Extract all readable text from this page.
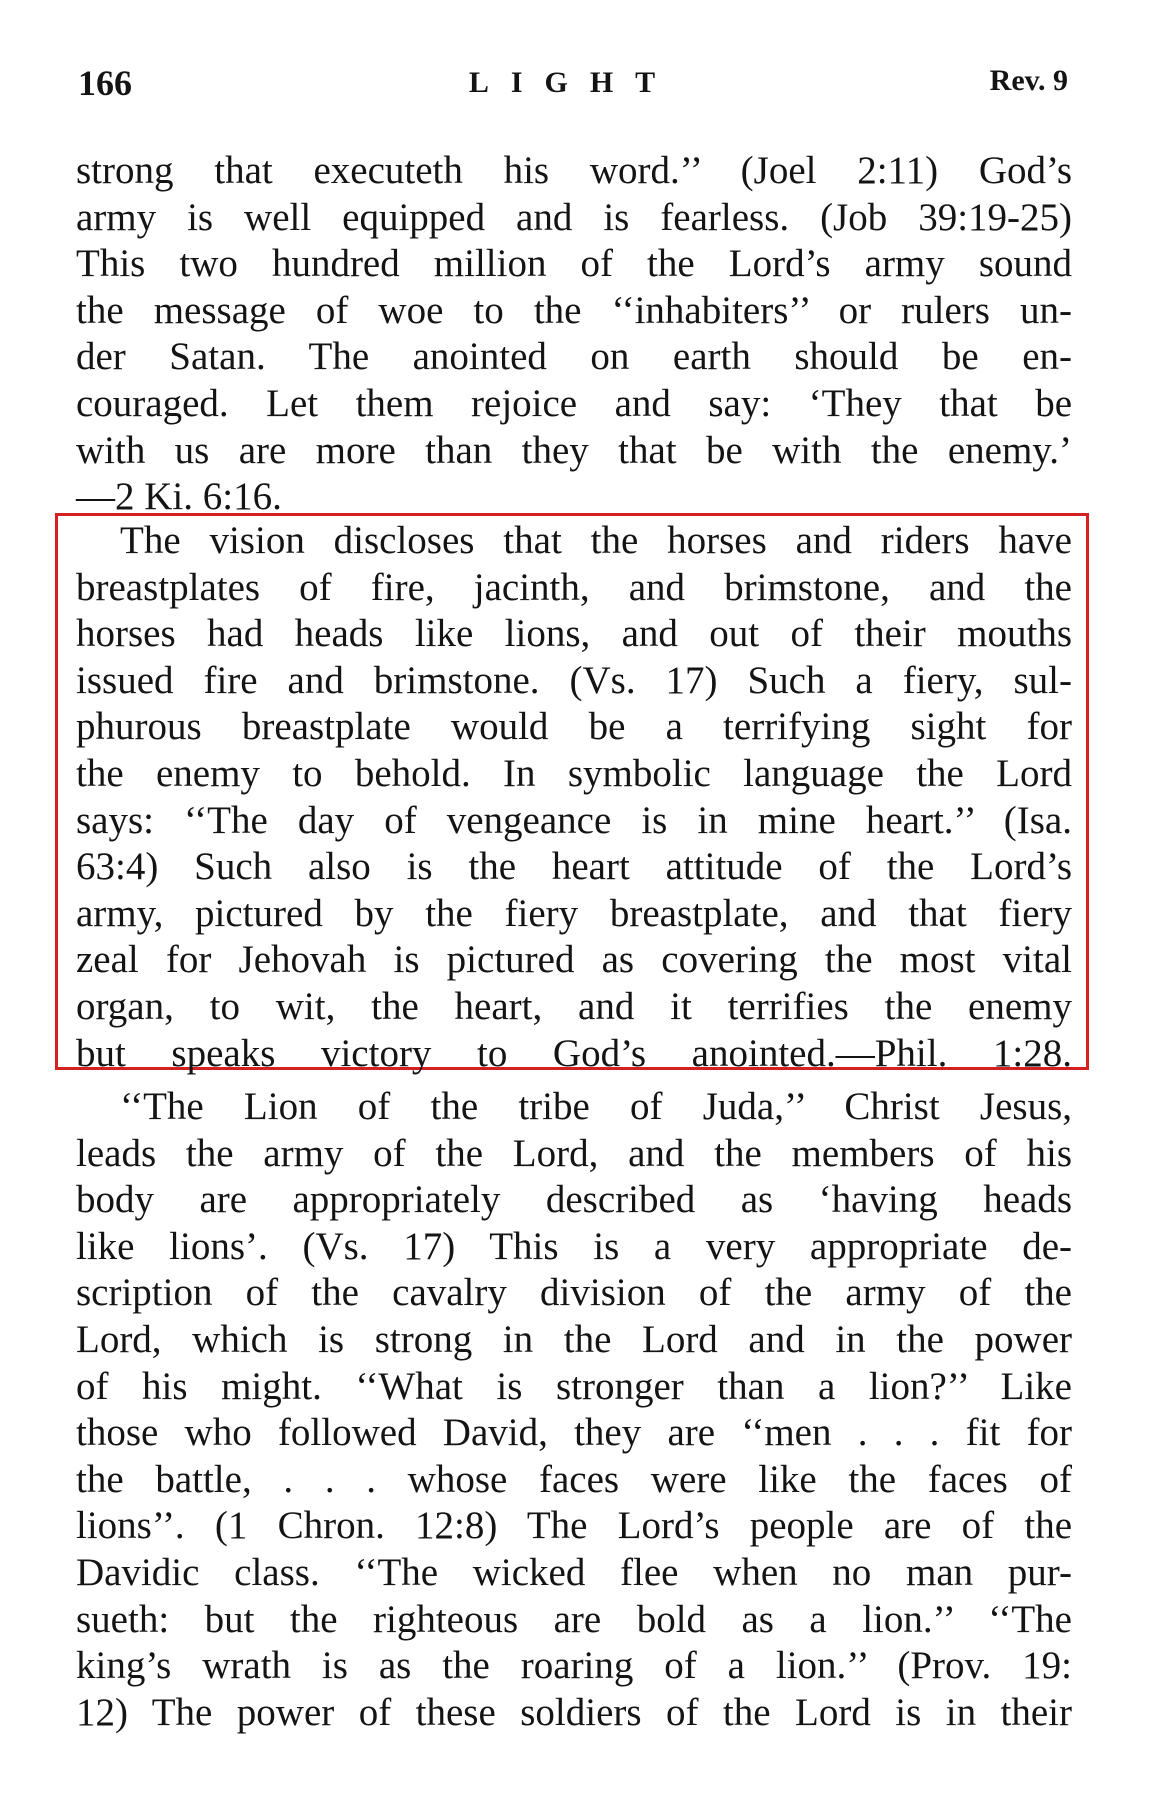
166	LIGHT	Rev. 9
strong that executeth his word.’’ (Joel 2:11) God’s
army is well equipped and is fearless. (Job 39:19-25)
This two hundred million of the Lord’s army sound
the message of woe to the ‘‘inhabiters’’ or rulers un-
der Satan. The anointed on earth should be en-
couraged. Let them rejoice and say: ‘They that be
with us are more than they that be with the enemy.’
—2 Ki. 6:16.
The vision discloses that the horses and riders have
breastplates of fire, jacinth, and brimstone, and the
horses had heads like lions, and out of their mouths
issued fire and brimstone. (Vs. 17) Such a fiery, sul-
phurous breastplate would be a terrifying sight for
the enemy to behold. In symbolic language the Lord
says: ‘‘The day of vengeance is in mine heart.’’ (Isa.
63:4) Such also is the heart attitude of the Lord’s
army, pictured by the fiery breastplate, and that fiery
zeal for Jehovah is pictured as covering the most vital
organ, to wit, the heart, and it terrifies the enemy
but speaks victory to God’s anointed.—Phil. 1:28.
‘‘The Lion of the tribe of Juda,’’ Christ Jesus,
leads the army of the Lord, and the members of his
body are appropriately described as ‘having heads
like lions’. (Vs. 17) This is a very appropriate de-
scription of the cavalry division of the army of the
Lord, which is strong in the Lord and in the power
of his might. ‘‘What is stronger than a lion?’’ Like
those who followed David, they are ‘‘men . . . fit for
the battle, . . . whose faces were like the faces of
lions’’. (1 Chron. 12:8) The Lord’s people are of the
Davidic class. ‘‘The wicked flee when no man pur-
sueth: but the righteous are bold as a lion.’’ ‘‘The
king’s wrath is as the roaring of a lion.’’ (Prov. 19:
12) The power of these soldiers of the Lord is in their
